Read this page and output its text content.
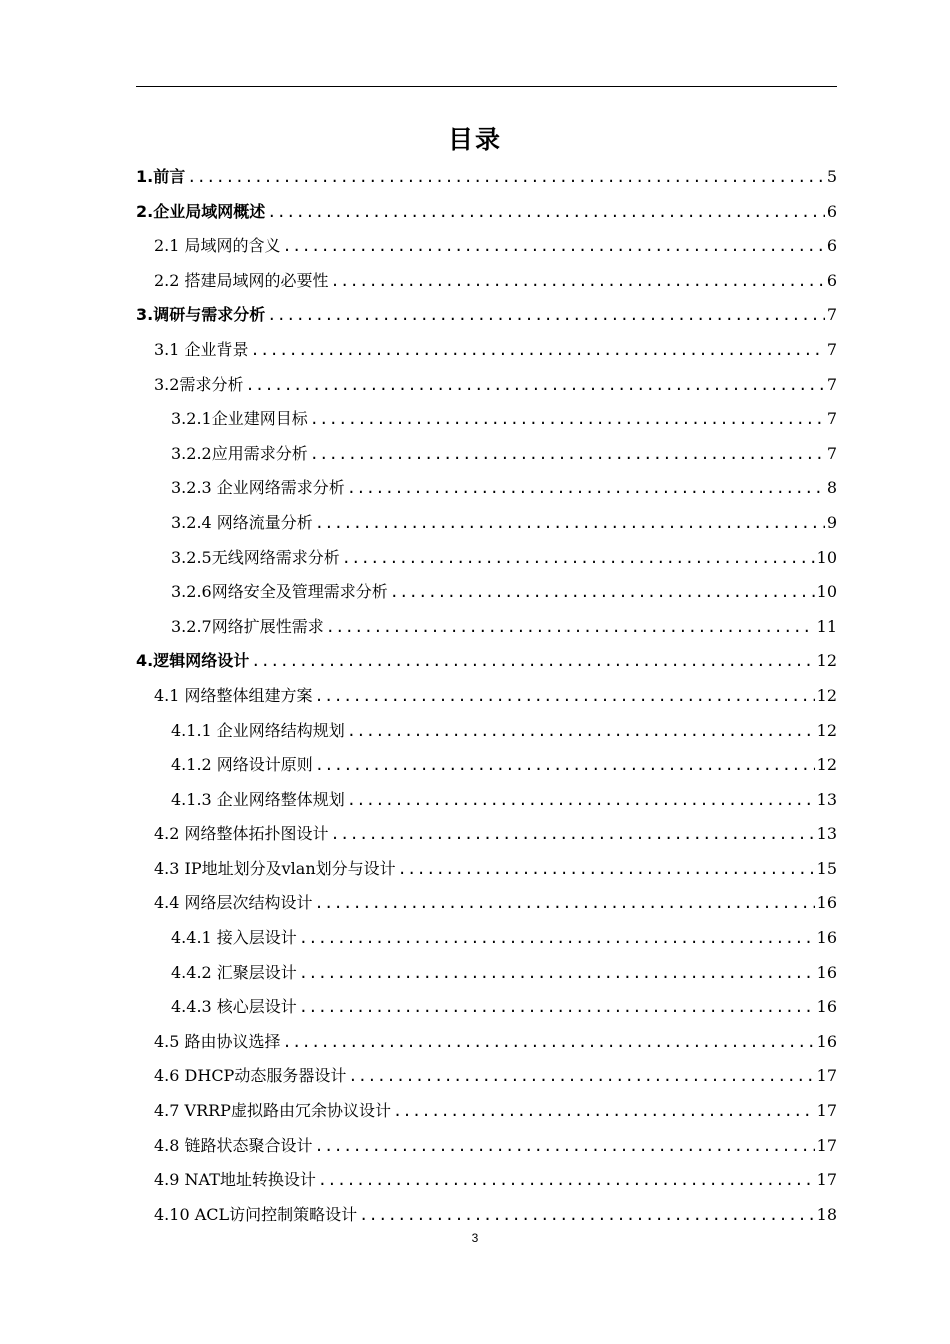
目录
1.前言 .....	5
2.企业局域网概述 .....	6
2.1 局域网的含义 .....	6
2.2 搭建局域网的必要性 .....	6
3.调研与需求分析 .....	7
3.1 企业背景 .....	7
3.2需求分析 .....	7
3.2.1企业建网目标 .....	7
3.2.2应用需求分析 .....	7
3.2.3 企业网络需求分析 .....	8
3.2.4 网络流量分析 .....	9
3.2.5无线网络需求分析 .....	10
3.2.6网络安全及管理需求分析 .....	10
3.2.7网络扩展性需求 .....	11
4.逻辑网络设计 .....	12
4.1 网络整体组建方案 .....	12
4.1.1 企业网络结构规划 .....	12
4.1.2 网络设计原则 .....	12
4.1.3 企业网络整体规划 .....	13
4.2 网络整体拓扑图设计 .....	13
4.3 IP地址划分及vlan划分与设计 .....	15
4.4 网络层次结构设计 .....	16
4.4.1 接入层设计 .....	16
4.4.2 汇聚层设计 .....	16
4.4.3 核心层设计 .....	16
4.5 路由协议选择 .....	16
4.6 DHCP动态服务器设计 .....	17
4.7 VRRP虚拟路由冗余协议设计 .....	17
4.8 链路状态聚合设计 .....	17
4.9 NAT地址转换设计 .....	17
4.10 ACL访问控制策略设计 .....	18
3
